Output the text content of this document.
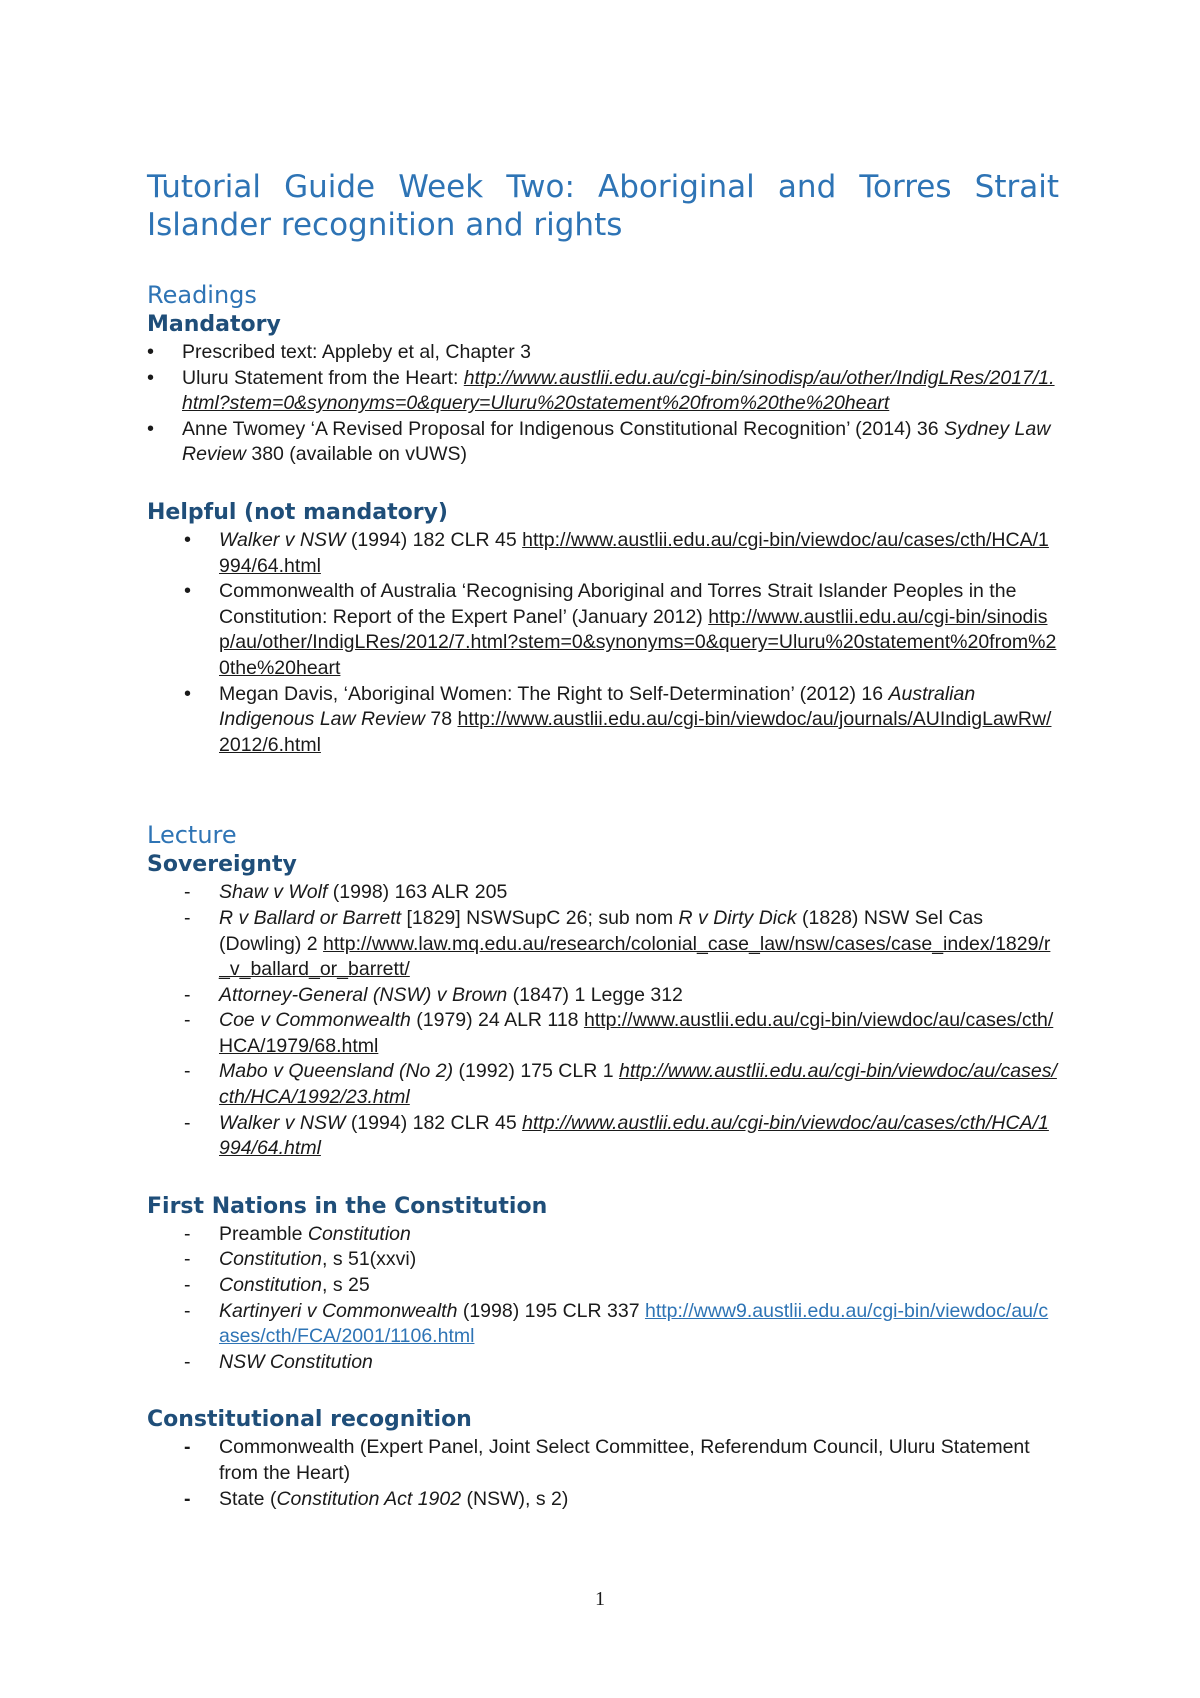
Tutorial Guide Week Two: Aboriginal and Torres Strait Islander recognition and rights
Readings
Mandatory
• Prescribed text: Appleby et al, Chapter 3
• Uluru Statement from the Heart: http://www.austlii.edu.au/cgi-bin/sinodisp/au/other/IndigLRes/2017/1.html?stem=0&synonyms=0&query=Uluru%20statement%20from%20the%20heart
• Anne Twomey ‘A Revised Proposal for Indigenous Constitutional Recognition’ (2014) 36 Sydney Law Review 380 (available on vUWS)
Helpful (not mandatory)
• Walker v NSW (1994) 182 CLR 45 http://www.austlii.edu.au/cgi-bin/viewdoc/au/cases/cth/HCA/1994/64.html
• Commonwealth of Australia ‘Recognising Aboriginal and Torres Strait Islander Peoples in the Constitution: Report of the Expert Panel’ (January 2012) http://www.austlii.edu.au/cgi-bin/sinodisp/au/other/IndigLRes/2012/7.html?stem=0&synonyms=0&query=Uluru%20statement%20from%20the%20heart
• Megan Davis, ‘Aboriginal Women: The Right to Self-Determination’ (2012) 16 Australian Indigenous Law Review 78 http://www.austlii.edu.au/cgi-bin/viewdoc/au/journals/AUIndigLawRw/2012/6.html
Lecture
Sovereignty
- Shaw v Wolf (1998) 163 ALR 205
- R v Ballard or Barrett [1829] NSWSupC 26; sub nom R v Dirty Dick (1828) NSW Sel Cas (Dowling) 2 http://www.law.mq.edu.au/research/colonial_case_law/nsw/cases/case_index/1829/r_v_ballard_or_barrett/
- Attorney-General (NSW) v Brown (1847) 1 Legge 312
- Coe v Commonwealth (1979) 24 ALR 118 http://www.austlii.edu.au/cgi-bin/viewdoc/au/cases/cth/HCA/1979/68.html
- Mabo v Queensland (No 2) (1992) 175 CLR 1 http://www.austlii.edu.au/cgi-bin/viewdoc/au/cases/cth/HCA/1992/23.html
- Walker v NSW (1994) 182 CLR 45 http://www.austlii.edu.au/cgi-bin/viewdoc/au/cases/cth/HCA/1994/64.html
First Nations in the Constitution
- Preamble Constitution
- Constitution, s 51(xxvi)
- Constitution, s 25
- Kartinyeri v Commonwealth (1998) 195 CLR 337 http://www9.austlii.edu.au/cgi-bin/viewdoc/au/cases/cth/FCA/2001/1106.html
- NSW Constitution
Constitutional recognition
- Commonwealth (Expert Panel, Joint Select Committee, Referendum Council, Uluru Statement from the Heart)
- State (Constitution Act 1902 (NSW), s 2)
1
